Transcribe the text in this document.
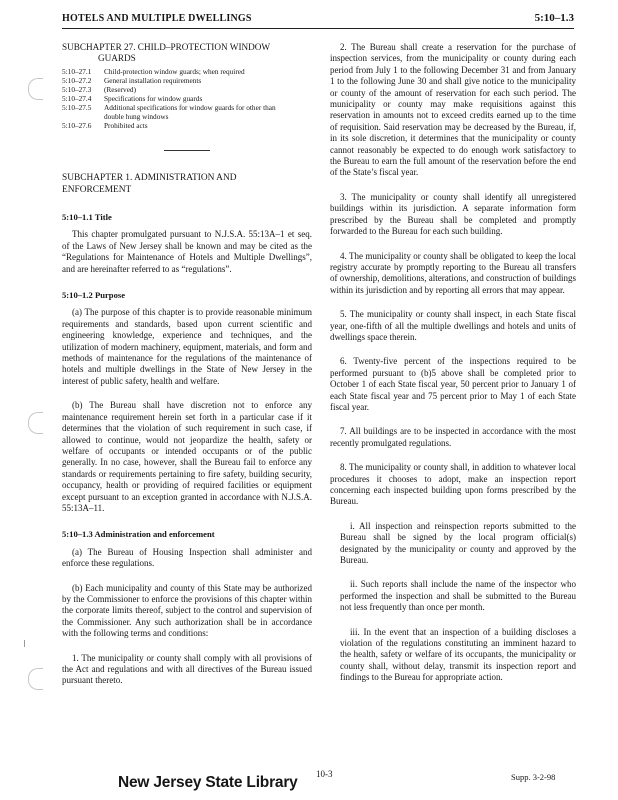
HOTELS AND MULTIPLE DWELLINGS	5:10–1.3
SUBCHAPTER 27. CHILD–PROTECTION WINDOW
GUARDS
5:10–27.1	Child-protection window guards; when required
5:10–27.2	General installation requirements
5:10–27.3	(Reserved)
5:10–27.4	Specifications for window guards
5:10–27.5	Additional specifications for window guards for other than
double hung windows
5:10–27.6	Prohibited acts
SUBCHAPTER 1. ADMINISTRATION AND
ENFORCEMENT
5:10–1.1 Title

This chapter promulgated pursuant to N.J.S.A. 55:13A–1 et seq. of the Laws of New Jersey shall be known and may be cited as the “Regulations for Maintenance of Hotels and Multiple Dwellings”, and are hereinafter referred to as “regulations”.

5:10–1.2 Purpose

(a) The purpose of this chapter is to provide reasonable minimum requirements and standards, based upon current scientific and engineering knowledge, experience and techniques, and the utilization of modern machinery, equipment, materials, and form and methods of maintenance for the regulations of the maintenance of hotels and multiple dwellings in the State of New Jersey in the interest of public safety, health and welfare.

(b) The Bureau shall have discretion not to enforce any maintenance requirement herein set forth in a particular case if it determines that the violation of such requirement in such case, if allowed to continue, would not jeopardize the health, safety or welfare of occupants or intended occupants or of the public generally. In no case, however, shall the Bureau fail to enforce any standards or requirements pertaining to fire safety, building security, occupancy, health or providing of required facilities or equipment except pursuant to an exception granted in accordance with N.J.S.A. 55:13A–11.

5:10–1.3 Administration and enforcement

(a) The Bureau of Housing Inspection shall administer and enforce these regulations.

(b) Each municipality and county of this State may be authorized by the Commissioner to enforce the provisions of this chapter within the corporate limits thereof, subject to the control and supervision of the Commissioner. Any such authorization shall be in accordance with the following terms and conditions:

1. The municipality or county shall comply with all provisions of the Act and regulations and with all directives of the Bureau issued pursuant thereto.

2. The Bureau shall create a reservation for the purchase of inspection services, from the municipality or county during each period from July 1 to the following December 31 and from January 1 to the following June 30 and shall give notice to the municipality or county of the amount of reservation for each such period. The municipality or county may make requisitions against this reservation in amounts not to exceed credits earned up to the time of requisition. Said reservation may be decreased by the Bureau, if, in its sole discretion, it determines that the municipality or county cannot reasonably be expected to do enough work satisfactory to the Bureau to earn the full amount of the reservation before the end of the State’s fiscal year.

3. The municipality or county shall identify all unregistered buildings within its jurisdiction. A separate information form prescribed by the Bureau shall be completed and promptly forwarded to the Bureau for each such building.

4. The municipality or county shall be obligated to keep the local registry accurate by promptly reporting to the Bureau all transfers of ownership, demolitions, alterations, and construction of buildings within its jurisdiction and by reporting all errors that may appear.

5. The municipality or county shall inspect, in each State fiscal year, one-fifth of all the multiple dwellings and hotels and units of dwellings space therein.

6. Twenty-five percent of the inspections required to be performed pursuant to (b)5 above shall be completed prior to October 1 of each State fiscal year, 50 percent prior to January 1 of each State fiscal year and 75 percent prior to May 1 of each State fiscal year.

7. All buildings are to be inspected in accordance with the most recently promulgated regulations.

8. The municipality or county shall, in addition to whatever local procedures it chooses to adopt, make an inspection report concerning each inspected building upon forms prescribed by the Bureau.

i. All inspection and reinspection reports submitted to the Bureau shall be signed by the local program official(s) designated by the municipality or county and approved by the Bureau.

ii. Such reports shall include the name of the inspector who performed the inspection and shall be submitted to the Bureau not less frequently than once per month.

iii. In the event that an inspection of a building discloses a violation of the regulations constituting an imminent hazard to the health, safety or welfare of its occupants, the municipality or county shall, without delay, transmit its inspection report and findings to the Bureau for appropriate action.

New Jersey State Library 10-3	Supp. 3-2-98
